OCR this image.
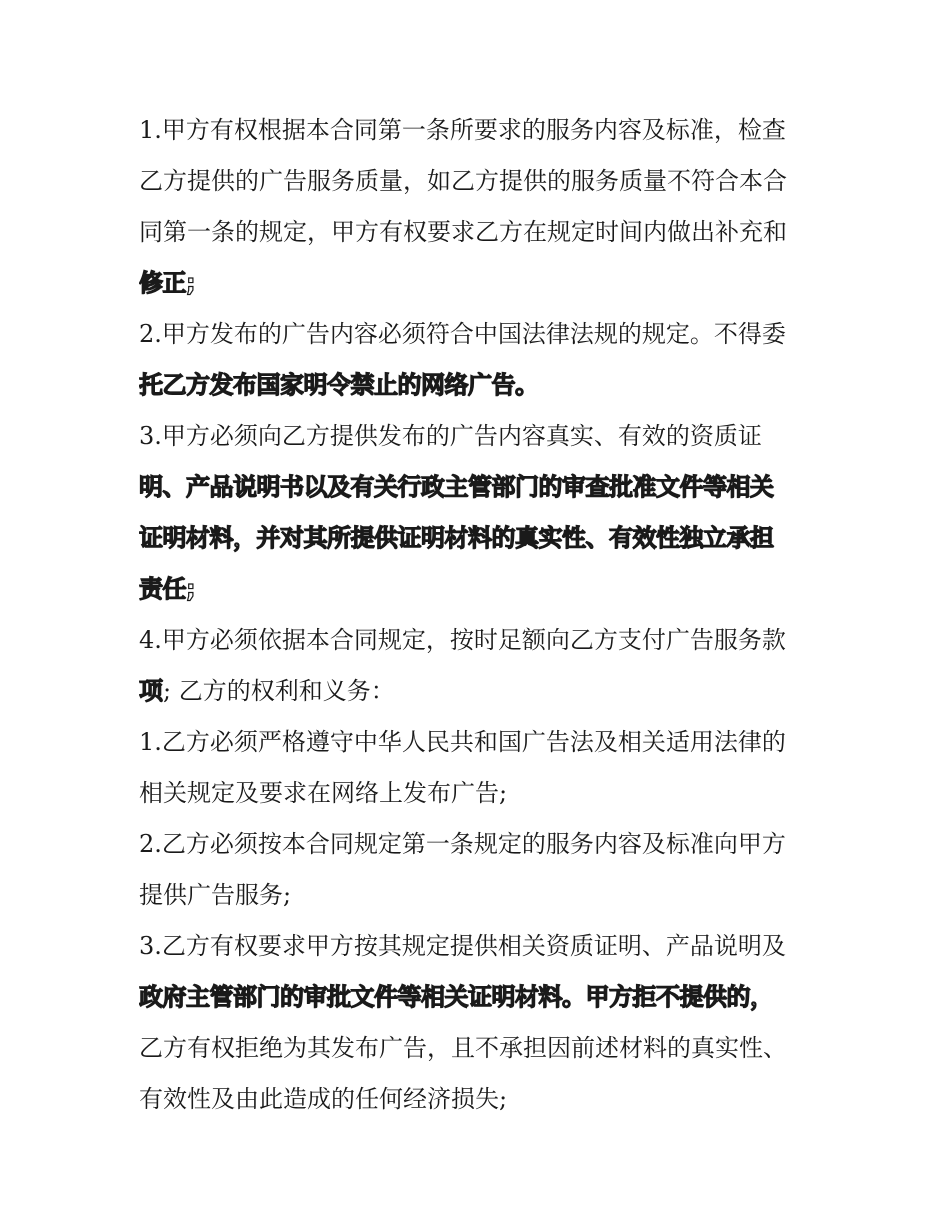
1.甲方有权根据本合同第一条所要求的服务内容及标准，检查
乙方提供的广告服务质量，如乙方提供的服务质量不符合本合
同第一条的规定，甲方有权要求乙方在规定时间内做出补充和
修正;
2.甲方发布的广告内容必须符合中国法律法规的规定。不得委
托乙方发布国家明令禁止的网络广告。
3.甲方必须向乙方提供发布的广告内容真实、有效的资质证
明、产品说明书以及有关行政主管部门的审查批准文件等相关
证明材料，并对其所提供证明材料的真实性、有效性独立承担
责任;
4.甲方必须依据本合同规定，按时足额向乙方支付广告服务款
项; 乙方的权利和义务：
1.乙方必须严格遵守中华人民共和国广告法及相关适用法律的
相关规定及要求在网络上发布广告;
2.乙方必须按本合同规定第一条规定的服务内容及标准向甲方
提供广告服务;
3.乙方有权要求甲方按其规定提供相关资质证明、产品说明及
政府主管部门的审批文件等相关证明材料。甲方拒不提供的，
乙方有权拒绝为其发布广告，且不承担因前述材料的真实性、
有效性及由此造成的任何经济损失;
